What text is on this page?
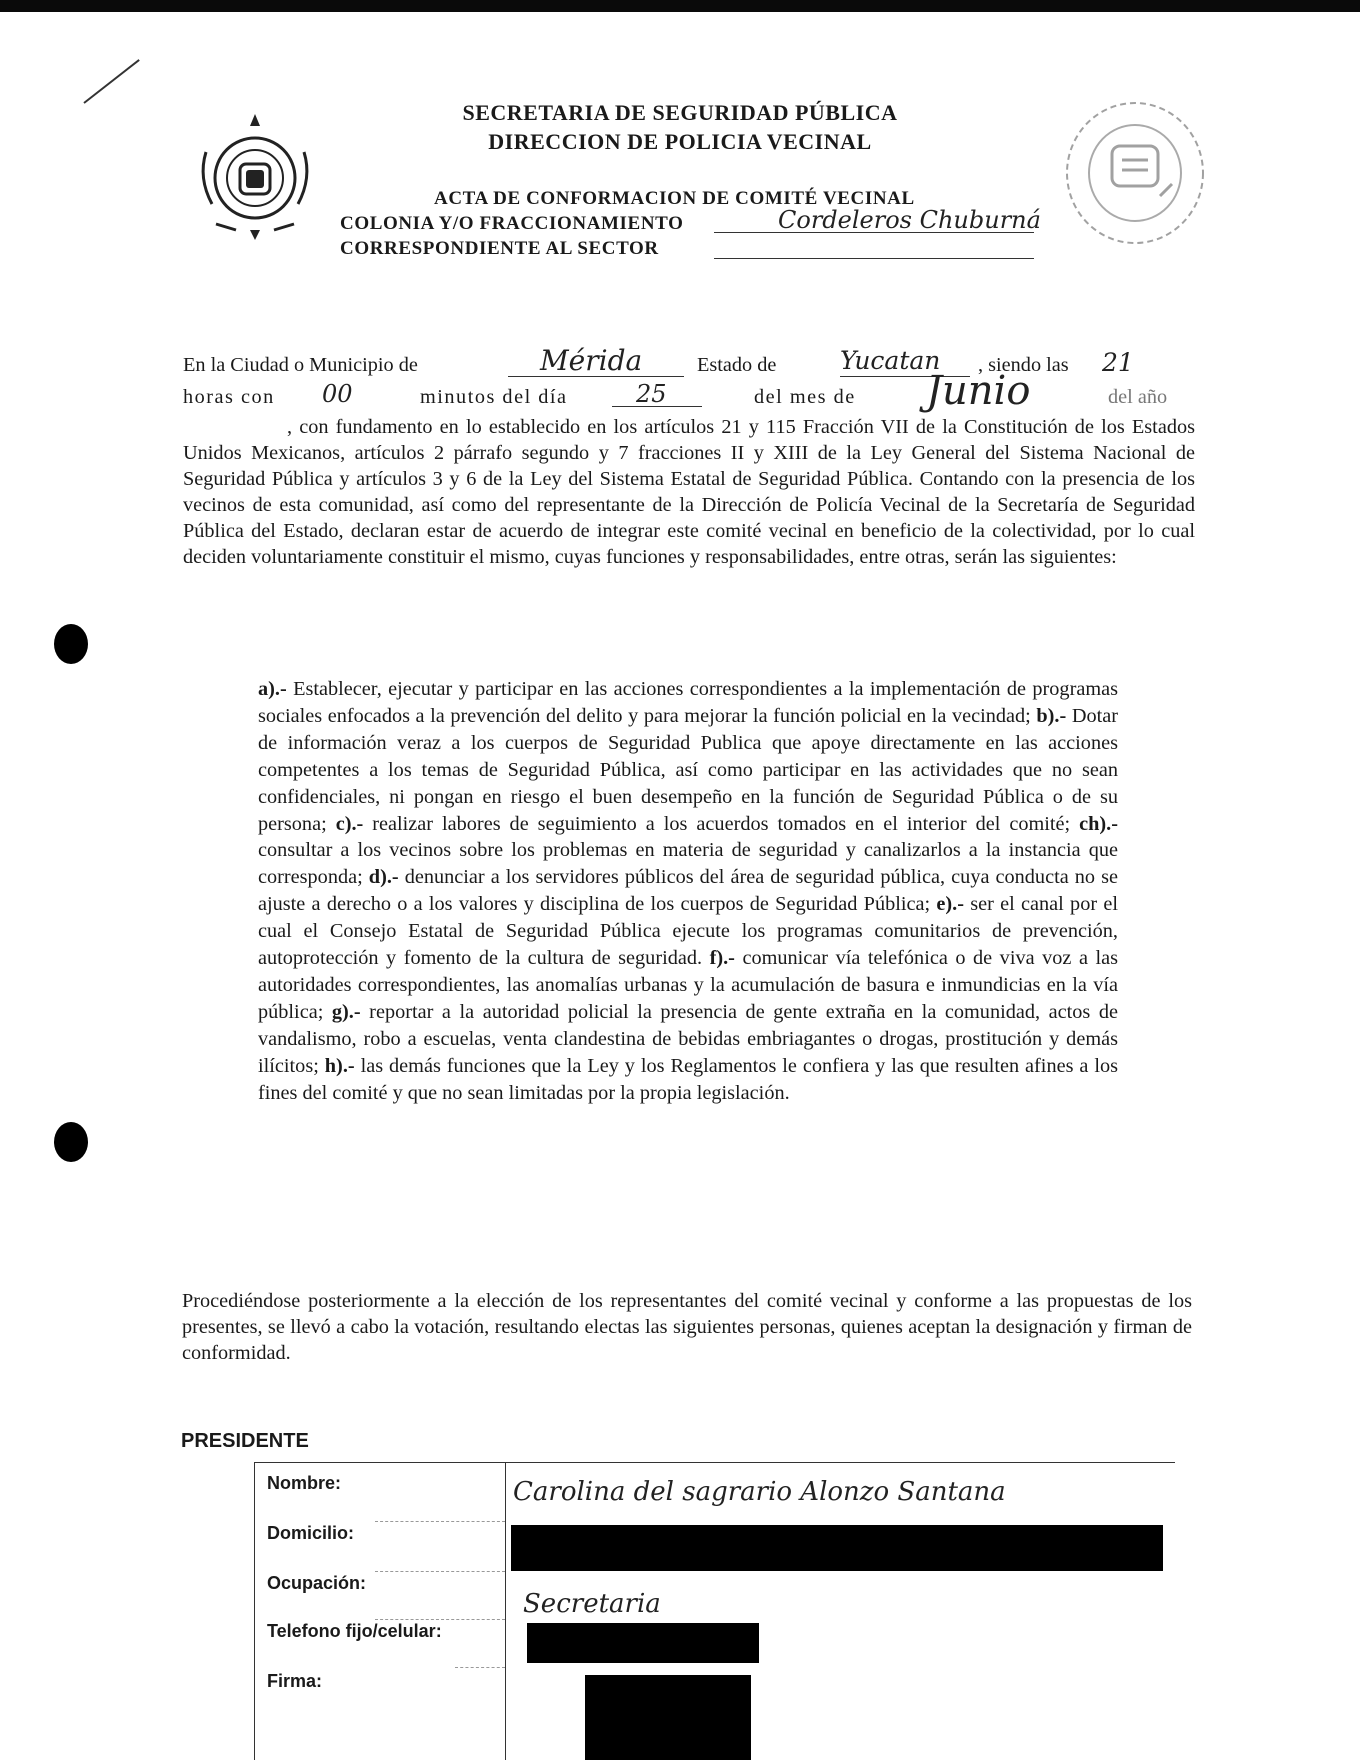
SECRETARIA DE SEGURIDAD PÚBLICA
DIRECCION DE POLICIA VECINAL
ACTA DE CONFORMACION DE COMITÉ VECINAL
COLONIA Y/O FRACCIONAMIENTO	Cordeleros Chuburná
CORRESPONDIENTE AL SECTOR
En la Ciudad o Municipio de	Mérida	Estado de	Yucatan , siendo las 21
horas con 00	minutos del día	25	del mes de Junio	del año

, con fundamento en lo establecido en los artículos 21 y 115 Fracción VII de la Constitución de los Estados Unidos Mexicanos, artículos 2 párrafo segundo y 7 fracciones II y XIII de la Ley General del Sistema Nacional de Seguridad Pública y artículos 3 y 6 de la Ley del Sistema Estatal de Seguridad Pública. Contando con la presencia de los vecinos de esta comunidad, así como del representante de la Dirección de Policía Vecinal de la Secretaría de Seguridad Pública del Estado, declaran estar de acuerdo de integrar este comité vecinal en beneficio de la colectividad, por lo cual deciden voluntariamente constituir el mismo, cuyas funciones y responsabilidades, entre otras, serán las siguientes:

a).- Establecer, ejecutar y participar en las acciones correspondientes a la implementación de programas sociales enfocados a la prevención del delito y para mejorar la función policial en la vecindad; b).- Dotar de información veraz a los cuerpos de Seguridad Publica que apoye directamente en las acciones competentes a los temas de Seguridad Pública, así como participar en las actividades que no sean confidenciales, ni pongan en riesgo el buen desempeño en la función de Seguridad Pública o de su persona; c).- realizar labores de seguimiento a los acuerdos tomados en el interior del comité; ch).- consultar a los vecinos sobre los problemas en materia de seguridad y canalizarlos a la instancia que corresponda; d).- denunciar a los servidores públicos del área de seguridad pública, cuya conducta no se ajuste a derecho o a los valores y disciplina de los cuerpos de Seguridad Pública; e).- ser el canal por el cual el Consejo Estatal de Seguridad Pública ejecute los programas comunitarios de prevención, autoprotección y fomento de la cultura de seguridad. f).- comunicar vía telefónica o de viva voz a las autoridades correspondientes, las anomalías urbanas y la acumulación de basura e inmundicias en la vía pública; g).- reportar a la autoridad policial la presencia de gente extraña en la comunidad, actos de vandalismo, robo a escuelas, venta clandestina de bebidas embriagantes o drogas, prostitución y demás ilícitos; h).- las demás funciones que la Ley y los Reglamentos le confiera y las que resulten afines a los fines del comité y que no sean limitadas por la propia legislación.
Procediéndose posteriormente a la elección de los representantes del comité vecinal y conforme a las propuestas de los presentes, se llevó a cabo la votación, resultando electas las siguientes personas, quienes aceptan la designación y firman de conformidad.
PRESIDENTE
Nombre:	Carolina del sagrario Alonzo Santana
Domicilio:
Ocupación:
Secretaria
Telefono fijo/celular:
Firma:
